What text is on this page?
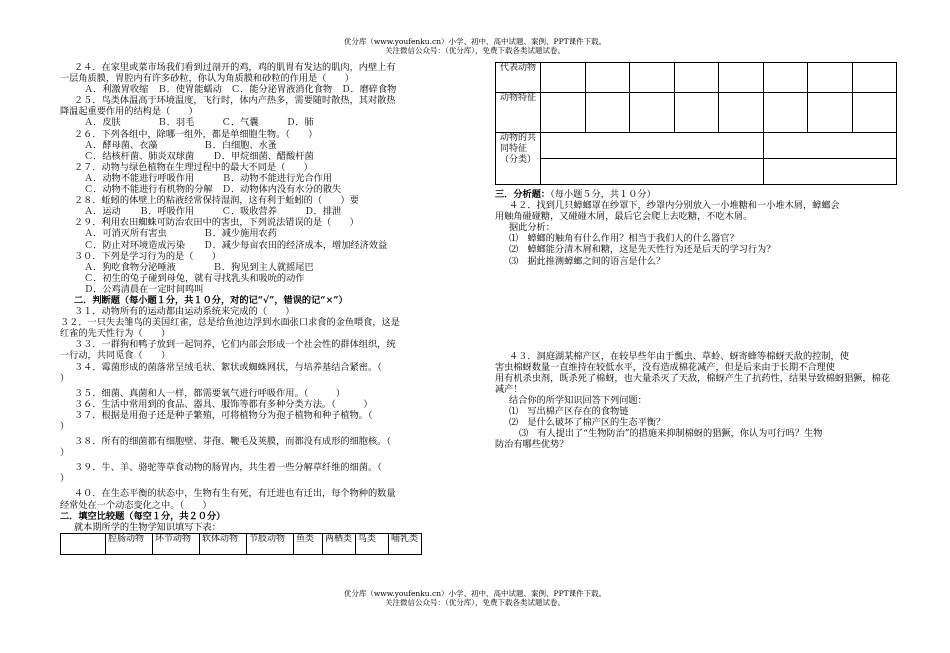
优分库（www.youfenku.cn）小学、初中、高中试题、案例、PPT课件下载。
关注微信公众号：（优分库），免费下载各类试题试卷。

２４．在家里或菜市场我们看到过剖开的鸡，鸡的肌胃有发达的肌肉，内壁上有

一层角质膜，胃腔内有许多砂粒，你认为角质膜和砂粒的作用是（　　）

Ａ．利激胃收缩　Ｂ．使胃能蠕动　Ｃ．能分泌胃液消化食物　Ｄ．磨碎食物

２５．鸟类体温高于环境温度，飞行时，体内产热多，需要随时散热，其对散热

降温起重要作用的结构是（　　）

Ａ．皮肤　　　　Ｂ．羽毛　　　Ｃ．气囊　　　Ｄ．肺

２６．下列各组中，除哪一组外，都是单细胞生物。（　　）

Ａ．酵母菌、衣藻　　　　　Ｂ．白细胞、水蚤

Ｃ．结核杆菌、肺炎双球菌　　Ｄ．甲烷细菌、醋酸杆菌

２７．动物与绿色植物在生理过程中的最大不同是（　　）

Ａ．动物不能进行呼吸作用　　　Ｂ．动物不能进行光合作用

Ｃ．动物不能进行有机物的分解　Ｄ．动物体内没有水分的散失

２８．蚯蚓的体壁上的粘液经常保持湿润，这有利于蚯蚓的（　　）要

Ａ．运动　　Ｂ．呼吸作用　　　Ｃ．吸收营养　　　Ｄ．排泄

２９．利用农田蜘蛛可防治农田中的害虫，下列说法错误的是（　　）

Ａ．可消灭所有害虫　　　　Ｂ．减少施用农药

Ｃ．防止对环境造成污染　　Ｄ．减少每亩农田的经济成本，增加经济效益

３０．下列是学习行为的是（　　）

Ａ．狗吃食物分泌唾液　　　　Ｂ．狗见到主人就摇尾巴

Ｃ．初生的兔子碰到母兔，就有寻找乳头和吸吮的动作

Ｄ．公鸡清晨在一定时间鸣叫

二．判断题（每小题１分，共１０分，对的记“√”，错误的记“×”）

３１．动物所有的运动都由运动系统来完成的（　　）

３２．一只失去雏鸟的美国红雀，总是给鱼池边浮到水面张口求食的金鱼喂食，这是

红雀的先天性行为（　　）

３３．一群狗和鸭子放到一起饲养，它们内部会形成一个社会性的群体组织，统

一行动，共同觅食（　　）

３４．霉菌形成的菌落常呈绒毛状、絮状或蜘蛛网状，与培养基结合紧密。（

）

３５．细菌、真菌和人一样，都需要氧气进行呼吸作用。（　　　）

３６．生活中常用到的食品、器具、服饰等都有多种分类方法。（　　　）

３７．根据是用孢子还是种子繁殖，可将植物分为孢子植物和种子植物。（

）

３８．所有的细菌都有细胞壁、芽孢、鞭毛及荚膜，而都没有成形的细胞核。（

）

３９．牛、羊、骆驼等草食动物的肠胃内，共生着一些分解草纤维的细菌。（

）

４０．在生态平衡的状态中，生物有生有死，有迁进也有迁出，每个物种的数量

经常处在一个动态变化之中。（　　）

二．填空比较题（每空１分，共２０分）

就本期所学的生物学知识填写下表：

	腔肠动物	环节动物	软体动物	节肢动物	鱼类	两栖类	鸟类	哺乳类
代表动物								
动物特征								
动物的共同特征（分类）								

三．分析题：（每小题５分，共１０分）

４２．找到几只蟑螂罩在纱罩下，纱罩内分别放入一小堆糖和一小堆木屑，蟑螂会

用触角碰碰糖，又碰碰木屑，最后它会爬上去吃糖，不吃木屑。

据此分析：

⑴　蟑螂的触角有什么作用？相当于我们人的什么器官？

⑵　蟑螂能分清木屑和糖，这是先天性行为还是后天的学习行为？

⑶　据此推测蟑螂之间的语言是什么？

４３．洞庭湖某棉产区，在较早些年由于瓢虫、草蛉、蚜寄蜂等棉蚜天敌的控制，使

害虫棉蚜数量一直维持在较低水平，没有造成棉花减产，但是后来由于长期不合理使

用有机杀虫剂，既杀死了棉蚜，也大量杀灭了天敌，棉蚜产生了抗药性，结果导致棉蚜猖獗，棉花减产！

结合你的所学知识回答下列问题：

⑴　写出棉产区存在的食物链

⑵　是什么破坏了棉产区的生态平衡？

⑶　有人提出了“生物防治”的措施来抑制棉蚜的猖獗，你认为可行吗？生物

防治有哪些优势？

优分库（www.youfenku.cn）小学、初中、高中试题、案例、PPT课件下载。
关注微信公众号：（优分库），免费下载各类试题试卷。
